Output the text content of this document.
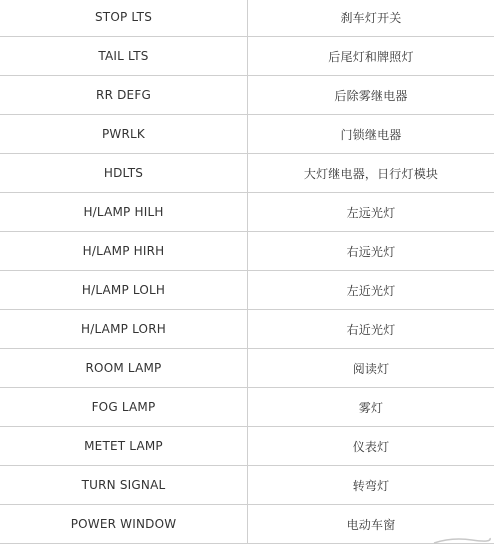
STOP LTS	刹车灯开关
TAIL LTS	后尾灯和牌照灯
RR DEFG	后除雾继电器
PWRLK	门锁继电器
HDLTS	大灯继电器，日行灯模块
H/LAMP HILH	左远光灯
H/LAMP HIRH	右远光灯
H/LAMP LOLH	左近光灯
H/LAMP LORH	右近光灯
ROOM LAMP	阅读灯
FOG LAMP	雾灯
METET LAMP	仪表灯
TURN SIGNAL	转弯灯
POWER WINDOW	电动车窗
